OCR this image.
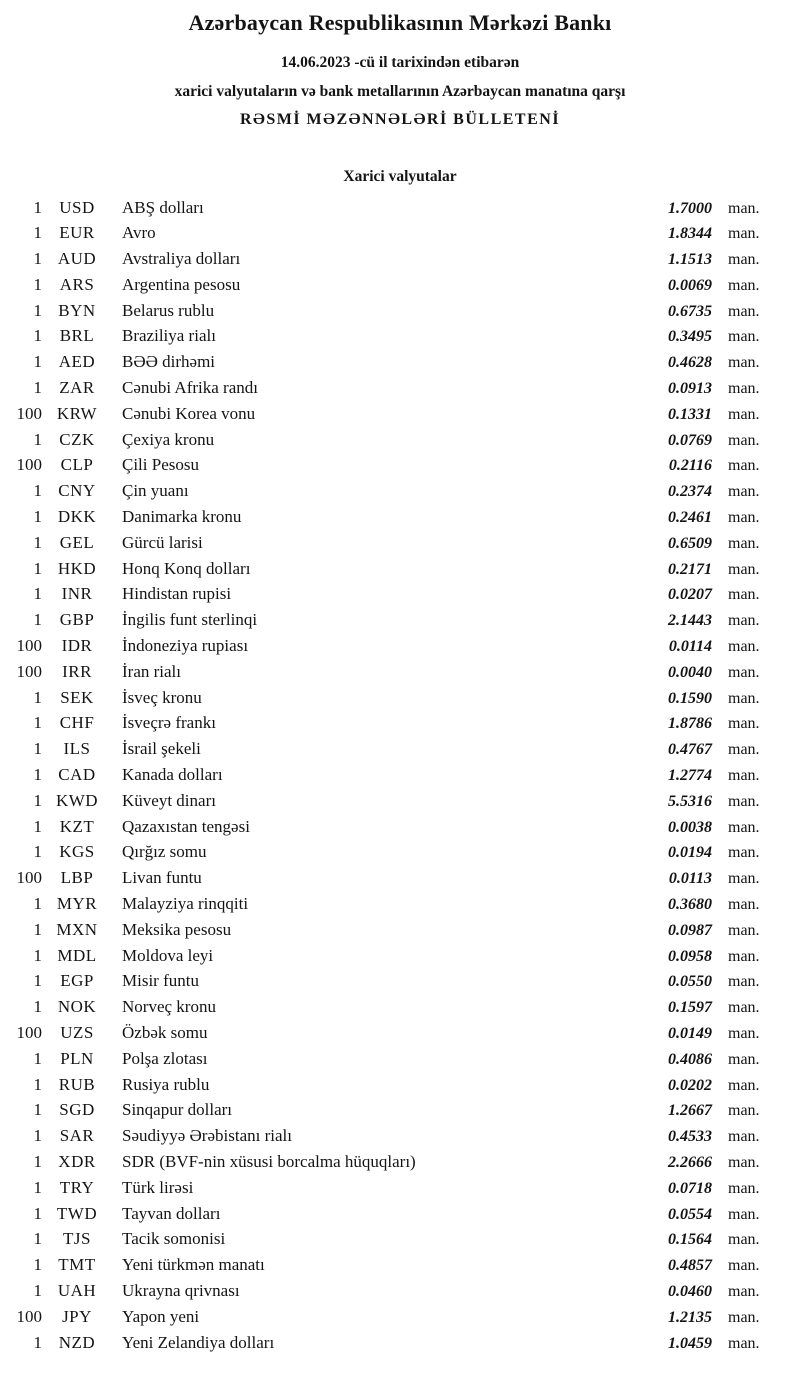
Azərbaycan Respublikasının Mərkəzi Bankı

14.06.2023 -cü il tarixindən etibarən

xarici valyutaların və bank metallarının Azərbaycan manatına qarşı

RƏSMİ MƏZƏNNƏLƏRİ BÜLLETENİ

Xarici valyutalar
1	USD	ABŞ dolları	1.7000	man.
1	EUR	Avro	1.8344	man.
1 AUD	Avstraliya dolları	1.1513	man.
1	ARS	Argentina pesosu	0.0069	man.
1 BYN	Belarus rublu	0.6735	man.
1	BRL	Braziliya rialı	0.3495	man.
1 AED	BƏƏ dirhəmi	0.4628	man.
1	ZAR	Cənubi Afrika randı	0.0913	man.
100 KRW	Cənubi Korea vonu	0.1331	man.
1	CZK	Çexiya kronu	0.0769	man.
100	CLP	Çili Pesosu	0.2116	man.
1 CNY	Çin yuanı	0.2374	man.
1 DKK	Danimarka kronu	0.2461	man.
1	GEL	Gürcü larisi	0.6509	man.
1 HKD	Honq Konq dolları	0.2171	man.
1	INR	Hindistan rupisi	0.0207	man.
1	GBP	İngilis funt sterlinqi	2.1443	man.
100	IDR	İndoneziya rupiası	0.0114	man.
100	IRR	İran rialı	0.0040	man.
1	SEK	İsveç kronu	0.1590	man.
1	CHF	İsveçrə frankı	1.8786	man.
1	ILS	İsrail şekeli	0.4767	man.
1 CAD	Kanada dolları	1.2774	man.
1 KWD	Küveyt dinarı	5.5316	man.
1	KZT	Qazaxıstan tengəsi	0.0038	man.
1	KGS	Qırğız somu	0.0194	man.
100	LBP	Livan funtu	0.0113	man.
1 MYR	Malayziya rinqqiti	0.3680	man.
1 MXN	Meksika pesosu	0.0987	man.
1 MDL	Moldova leyi	0.0958	man.
1	EGP	Misir funtu	0.0550	man.
1 NOK	Norveç kronu	0.1597	man.
100	UZS	Özbək somu	0.0149	man.
1	PLN	Polşa zlotası	0.4086	man.
1 RUB	Rusiya rublu	0.0202	man.
1	SGD	Sinqapur dolları	1.2667	man.
1	SAR	Səudiyyə Ərəbistanı rialı	0.4533	man.
1 XDR	SDR (BVF-nin xüsusi borcalma hüquqları)	2.2666	man.
1	TRY	Türk lirəsi	0.0718	man.
1 TWD	Tayvan dolları	0.0554	man.
1	TJS	Tacik somonisi	0.1564	man.
1 TMT	Yeni türkmən manatı	0.4857	man.
1 UAH	Ukrayna qrivnası	0.0460	man.
100	JPY	Yapon yeni	1.2135	man.
1 NZD	Yeni Zelandiya dolları	1.0459	man.
